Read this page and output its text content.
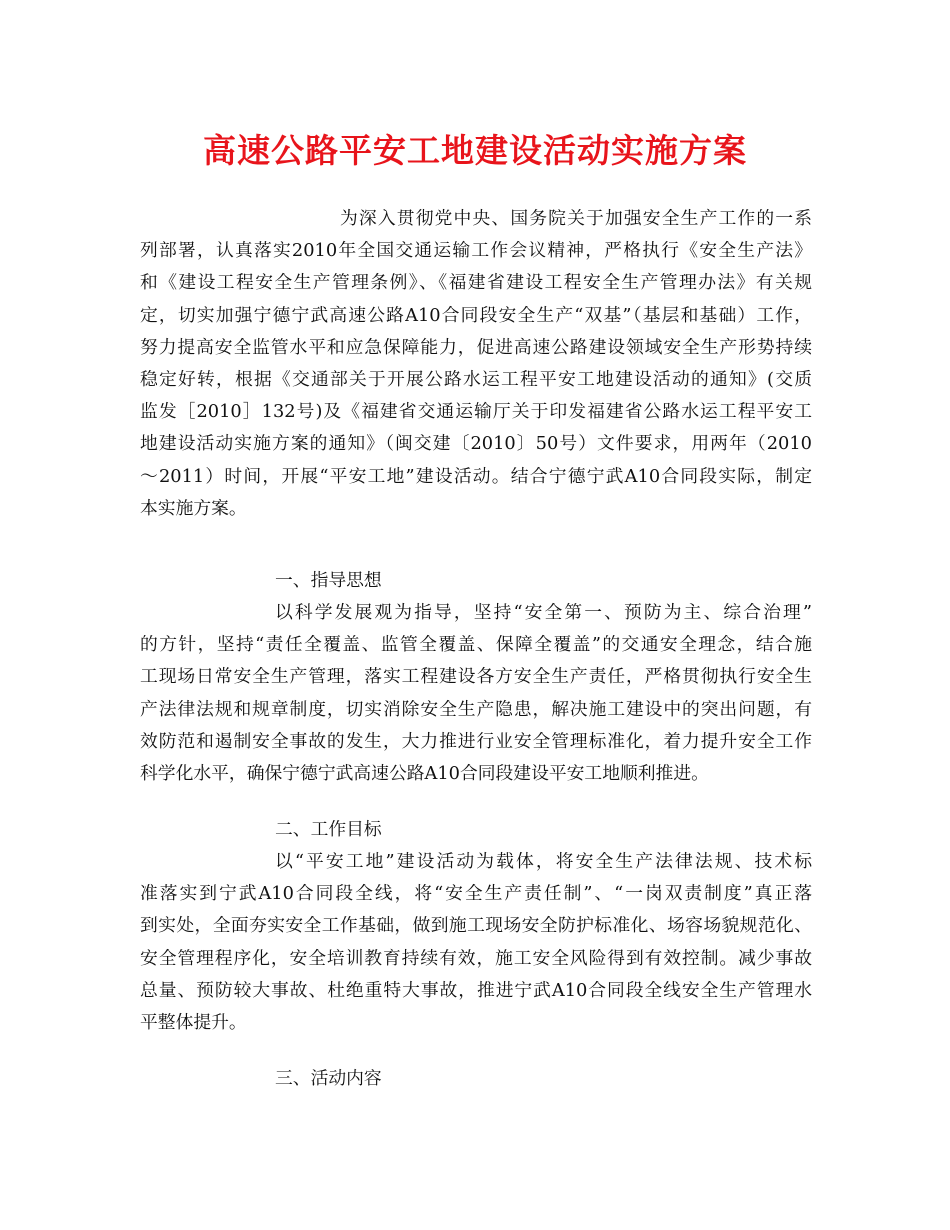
高速公路平安工地建设活动实施方案
为深入贯彻党中央、国务院关于加强安全生产工作的一系
列部署，认真落实2010年全国交通运输工作会议精神，严格执行《安全生产法》
和《建设工程安全生产管理条例》、《福建省建设工程安全生产管理办法》有关规
定，切实加强宁德宁武高速公路A10合同段安全生产“双基”（基层和基础）工作，
努力提高安全监管水平和应急保障能力，促进高速公路建设领域安全生产形势持续
稳定好转，根据《交通部关于开展公路水运工程平安工地建设活动的通知》(交质
监发［2010］132号)及《福建省交通运输厅关于印发福建省公路水运工程平安工
地建设活动实施方案的通知》（闽交建〔2010〕50号）文件要求，用两年（2010
～2011）时间，开展“平安工地”建设活动。结合宁德宁武A10合同段实际，制定
本实施方案。
一、指导思想
以科学发展观为指导，坚持“安全第一、预防为主、综合治理”
的方针，坚持“责任全覆盖、监管全覆盖、保障全覆盖”的交通安全理念，结合施
工现场日常安全生产管理，落实工程建设各方安全生产责任，严格贯彻执行安全生
产法律法规和规章制度，切实消除安全生产隐患，解决施工建设中的突出问题，有
效防范和遏制安全事故的发生，大力推进行业安全管理标准化，着力提升安全工作
科学化水平，确保宁德宁武高速公路A10合同段建设平安工地顺利推进。
二、工作目标
以“平安工地”建设活动为载体，将安全生产法律法规、技术标
准落实到宁武A10合同段全线，将“安全生产责任制”、“一岗双责制度”真正落
到实处，全面夯实安全工作基础，做到施工现场安全防护标准化、场容场貌规范化、
安全管理程序化，安全培训教育持续有效，施工安全风险得到有效控制。减少事故
总量、预防较大事故、杜绝重特大事故，推进宁武A10合同段全线安全生产管理水
平整体提升。
三、活动内容
